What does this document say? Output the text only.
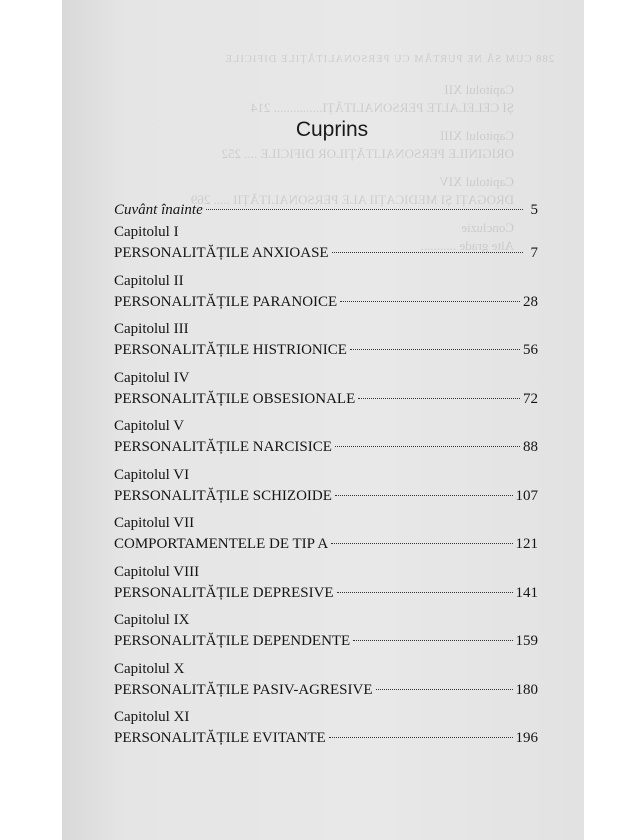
288 CUM SĂ NE PURTĂM CU PERSONALITĂȚILE DIFICILE
Capitolul XII
ȘI CELELALTE PERSONALITĂȚI............... 214
Capitolul XIII
ORIGINILE PERSONALITĂȚILOR DIFICILE .... 252
Capitolul XIV
DROGAȚI ȘI MEDICAȚII ALE PERSONALITĂȚII ..... 269
Concluzie
Alte grade ...........
Cuprins
Cuvânt înainte	5
Capitolul I
PERSONALITĂȚILE ANXIOASE	7
Capitolul II
PERSONALITĂȚILE PARANOICE	28
Capitolul III
PERSONALITĂȚILE HISTRIONICE	56
Capitolul IV
PERSONALITĂȚILE OBSESIONALE	72
Capitolul V
PERSONALITĂȚILE NARCISICE	88
Capitolul VI
PERSONALITĂȚILE SCHIZOIDE	107
Capitolul VII
COMPORTAMENTELE DE TIP A	121
Capitolul VIII
PERSONALITĂȚILE DEPRESIVE	141
Capitolul IX
PERSONALITĂȚILE DEPENDENTE	159
Capitolul X
PERSONALITĂȚILE PASIV-AGRESIVE	180
Capitolul XI
PERSONALITĂȚILE EVITANTE	196
